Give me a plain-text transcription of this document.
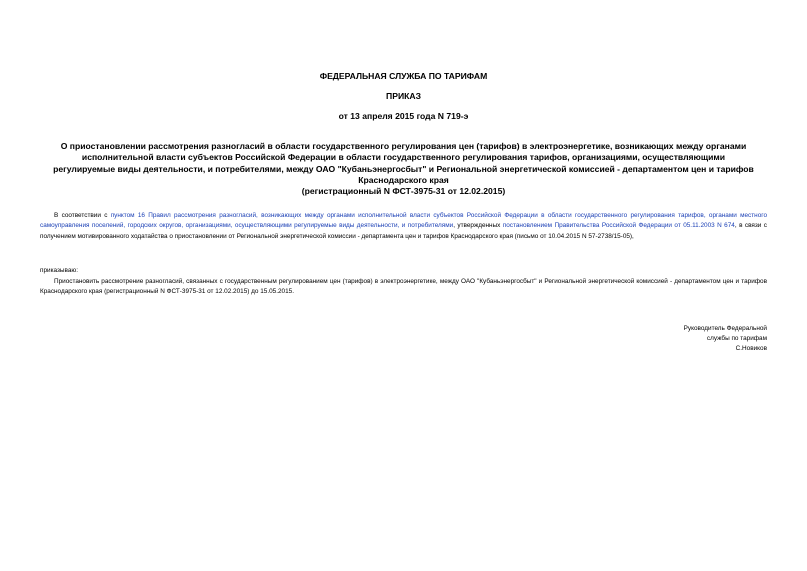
ФЕДЕРАЛЬНАЯ СЛУЖБА ПО ТАРИФАМ
ПРИКАЗ
от 13 апреля 2015 года N 719-э
О приостановлении рассмотрения разногласий в области государственного регулирования цен (тарифов) в электроэнергетике, возникающих между органами
исполнительной власти субъектов Российской Федерации в области государственного регулирования тарифов, организациями, осуществляющими
регулируемые виды деятельности, и потребителями, между ОАО "Кубаньэнергосбыт" и Региональной энергетической комиссией - департаментом цен и тарифов
Краснодарского края
(регистрационный N ФСТ-3975-31 от 12.02.2015)
В соответствии с пунктом 16 Правил рассмотрения разногласий, возникающих между органами исполнительной власти субъектов Российской Федерации в области государственного регулирования тарифов, органами местного самоуправления поселений, городских округов, организациями, осуществляющими регулируемые виды деятельности, и потребителями, утвержденных постановлением Правительства Российской Федерации от 05.11.2003 N 674, в связи с получением мотивированного ходатайства о приостановлении от Региональной энергетической комиссии - департамента цен и тарифов Краснодарского края (письмо от 10.04.2015 N 57-2738/15-05),
приказываю:
Приостановить рассмотрение разногласий, связанных с государственным регулированием цен (тарифов) в электроэнергетике, между ОАО "Кубаньэнергосбыт" и Региональной энергетической комиссией - департаментом цен и тарифов Краснодарского края (регистрационный N ФСТ-3975-31 от 12.02.2015) до 15.05.2015.
Руководитель Федеральной
службы по тарифам
С.Новиков
